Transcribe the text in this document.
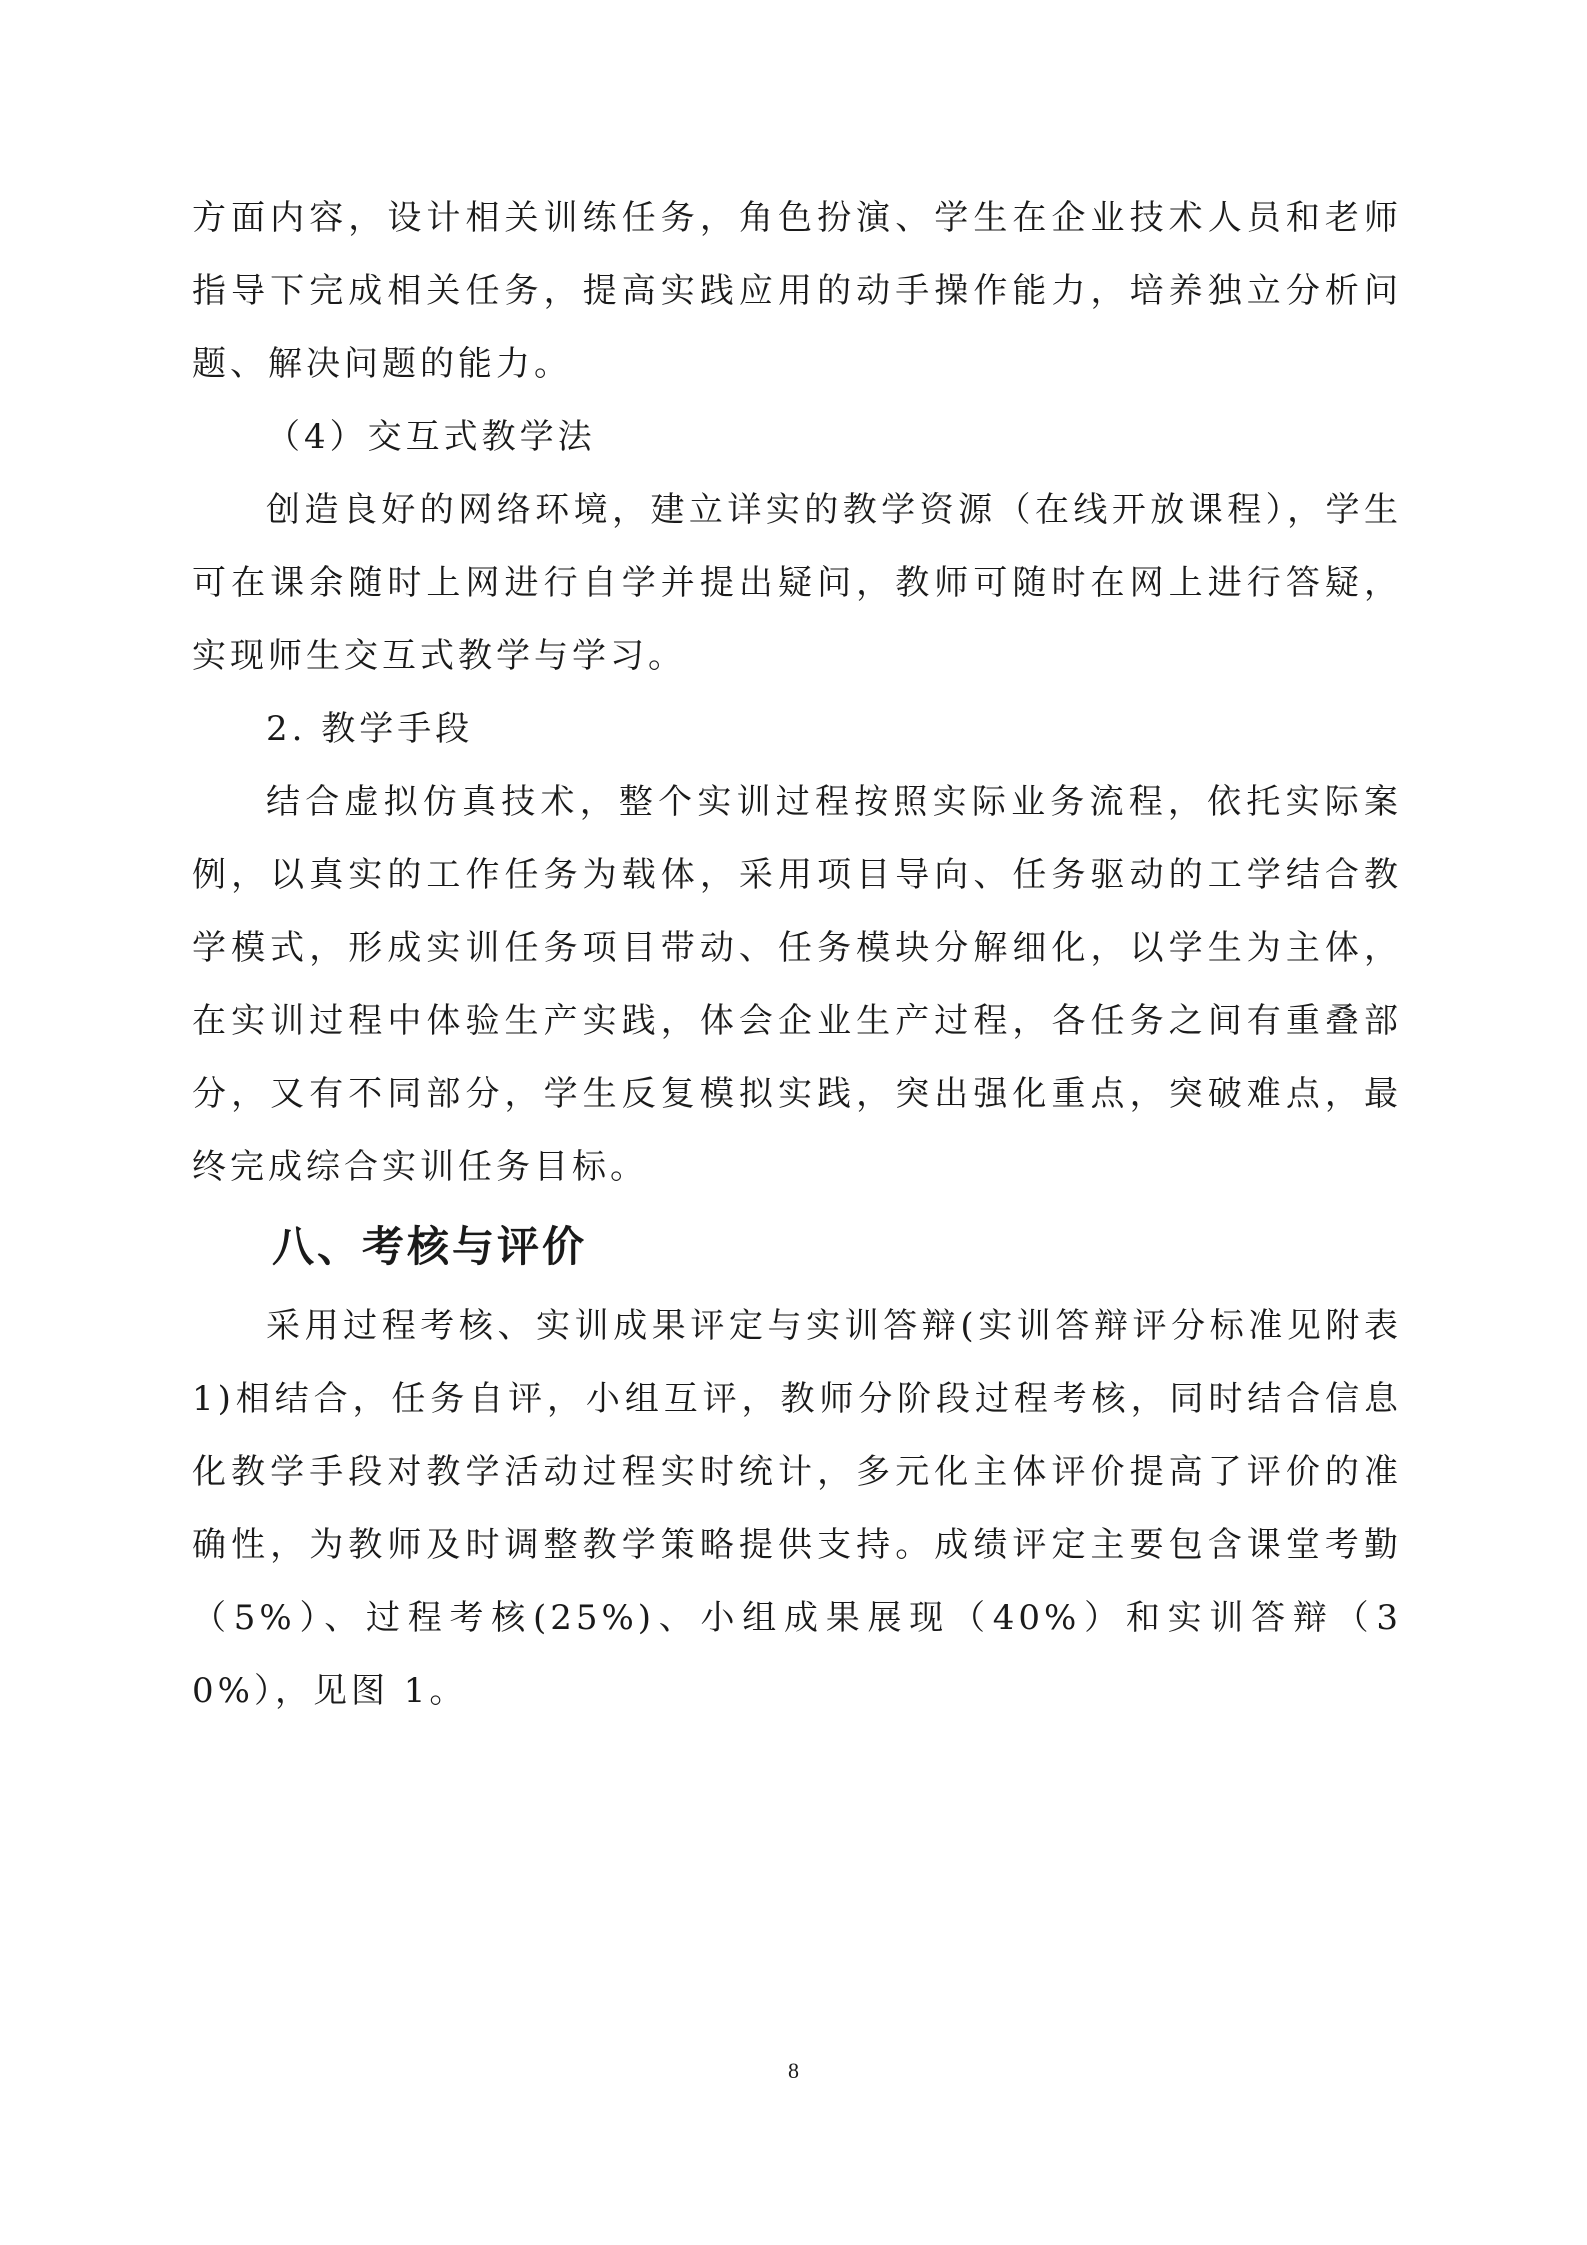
方面内容，设计相关训练任务，角色扮演、学生在企业技术人员和老师指导下完成相关任务，提高实践应用的动手操作能力，培养独立分析问题、解决问题的能力。

（4）交互式教学法

创造良好的网络环境，建立详实的教学资源（在线开放课程），学生可在课余随时上网进行自学并提出疑问，教师可随时在网上进行答疑，实现师生交互式教学与学习。

2. 教学手段

结合虚拟仿真技术，整个实训过程按照实际业务流程，依托实际案例，以真实的工作任务为载体，采用项目导向、任务驱动的工学结合教学模式，形成实训任务项目带动、任务模块分解细化，以学生为主体，在实训过程中体验生产实践，体会企业生产过程，各任务之间有重叠部分，又有不同部分，学生反复模拟实践，突出强化重点，突破难点，最终完成综合实训任务目标。

八、考核与评价

采用过程考核、实训成果评定与实训答辩(实训答辩评分标准见附表 1)相结合，任务自评，小组互评，教师分阶段过程考核，同时结合信息化教学手段对教学活动过程实时统计，多元化主体评价提高了评价的准确性，为教师及时调整教学策略提供支持。成绩评定主要包含课堂考勤（5%）、过程考核(25%)、小组成果展现（40%）和实训答辩（30%），见图 1。

8
